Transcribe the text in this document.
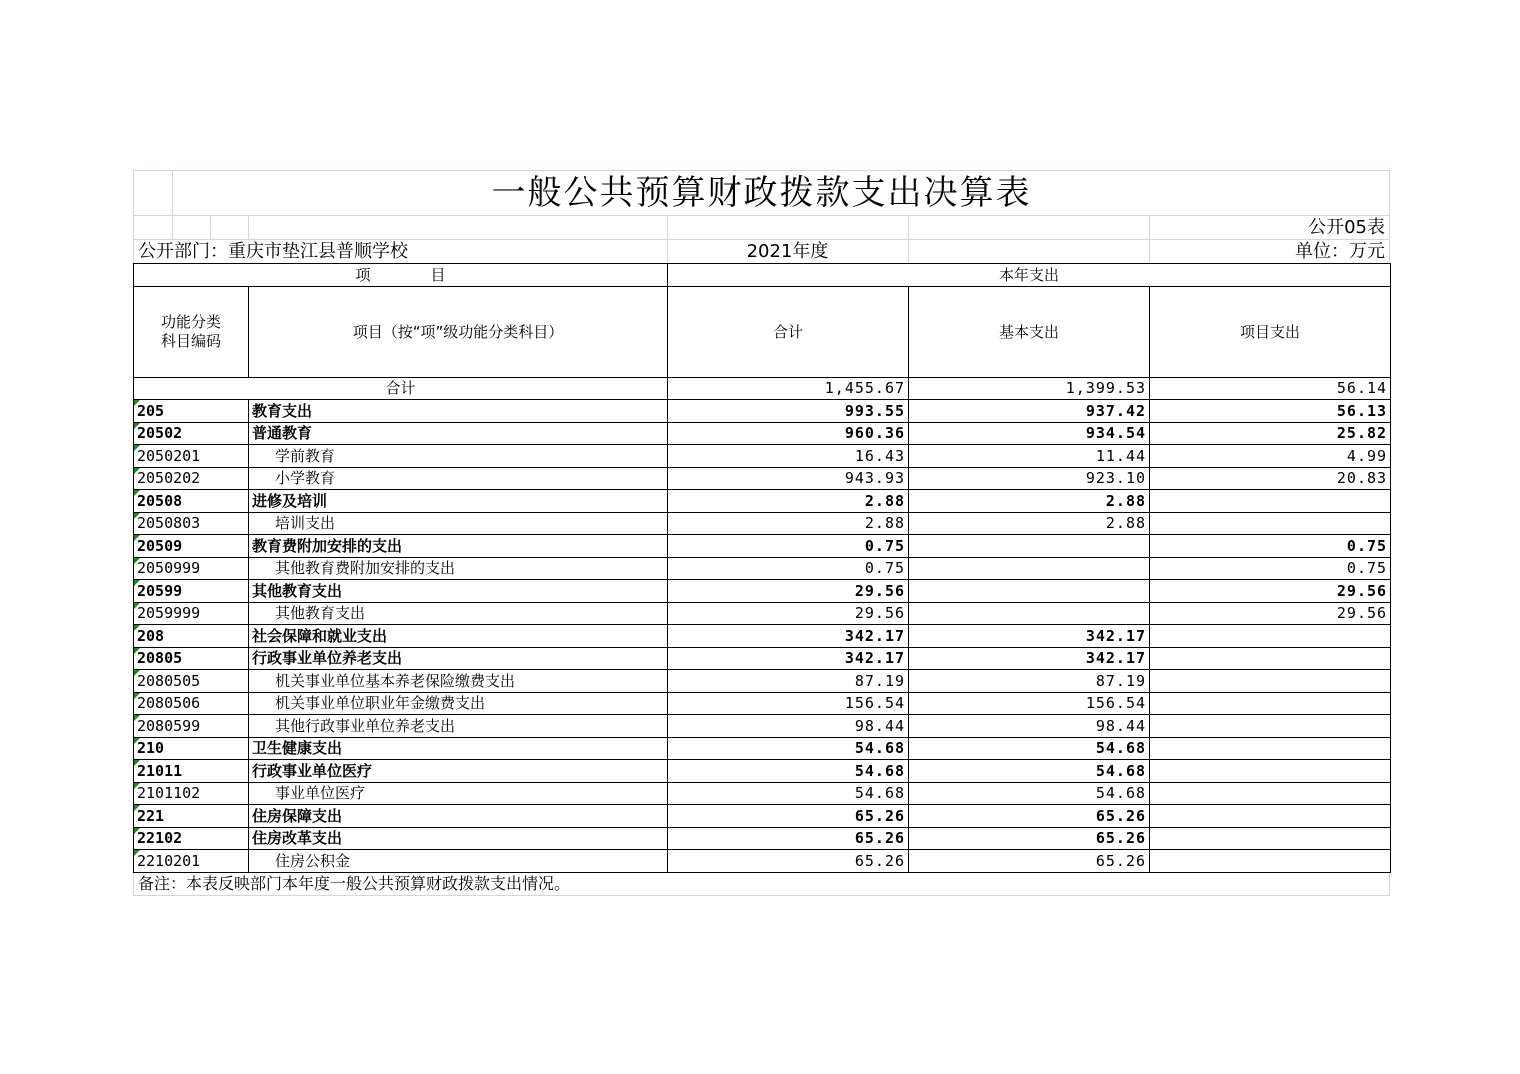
一般公共预算财政拨款支出决算表
公开05表
公开部门：重庆市垫江县普顺学校	2021年度	单位：万元
项　　　　目		本年支出		
功能分类
科目编码	项目（按“项”级功能分类科目）	合计	基本支出	项目支出
合计		1,455.67	1,399.53	56.14
205	教育支出	993.55	937.42	56.13
20502	普通教育	960.36	934.54	25.82
2050201	学前教育	16.43	11.44	4.99
2050202	小学教育	943.93	923.10	20.83
20508	进修及培训	2.88	2.88	
2050803	培训支出	2.88	2.88	
20509	教育费附加安排的支出	0.75		0.75
2050999	其他教育费附加安排的支出	0.75		0.75
20599	其他教育支出	29.56		29.56
2059999	其他教育支出	29.56		29.56
208	社会保障和就业支出	342.17	342.17	
20805	行政事业单位养老支出	342.17	342.17	
2080505	机关事业单位基本养老保险缴费支出	87.19	87.19	
2080506	机关事业单位职业年金缴费支出	156.54	156.54	
2080599	其他行政事业单位养老支出	98.44	98.44	
210	卫生健康支出	54.68	54.68	
21011	行政事业单位医疗	54.68	54.68	
2101102	事业单位医疗	54.68	54.68	
221	住房保障支出	65.26	65.26	
22102	住房改革支出	65.26	65.26	
2210201	住房公积金	65.26	65.26	
备注：本表反映部门本年度一般公共预算财政拨款支出情况。
